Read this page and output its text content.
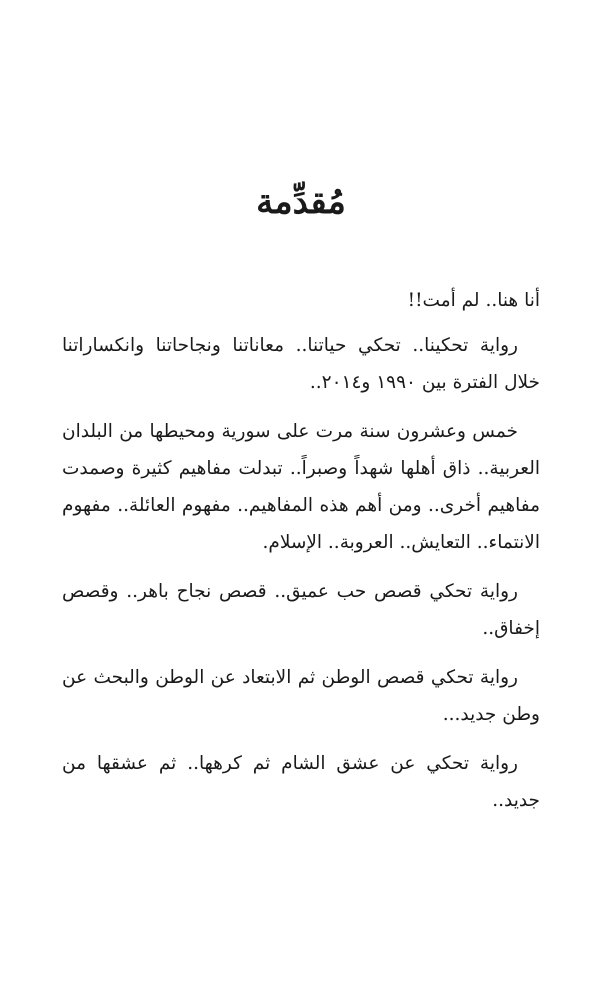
مُقدِّمة

أنا هنا.. لم أمت!!

رواية تحكينا.. تحكي حياتنا.. معاناتنا ونجاحاتنا وانكساراتنا خلال الفترة بين ١٩٩٠ و٢٠١٤..

خمس وعشرون سنة مرت على سورية ومحيطها من البلدان العربية.. ذاق أهلها شهداً وصبراً.. تبدلت مفاهيم كثيرة وصمدت مفاهيم أخرى.. ومن أهم هذه المفاهيم.. مفهوم العائلة.. مفهوم الانتماء.. التعايش.. العروبة.. الإسلام.

رواية تحكي قصص حب عميق.. قصص نجاح باهر.. وقصص إخفاق..

رواية تحكي قصص الوطن ثم الابتعاد عن الوطن والبحث عن وطن جديد...

رواية تحكي عن عشق الشام ثم كرهها.. ثم عشقها من جديد..
